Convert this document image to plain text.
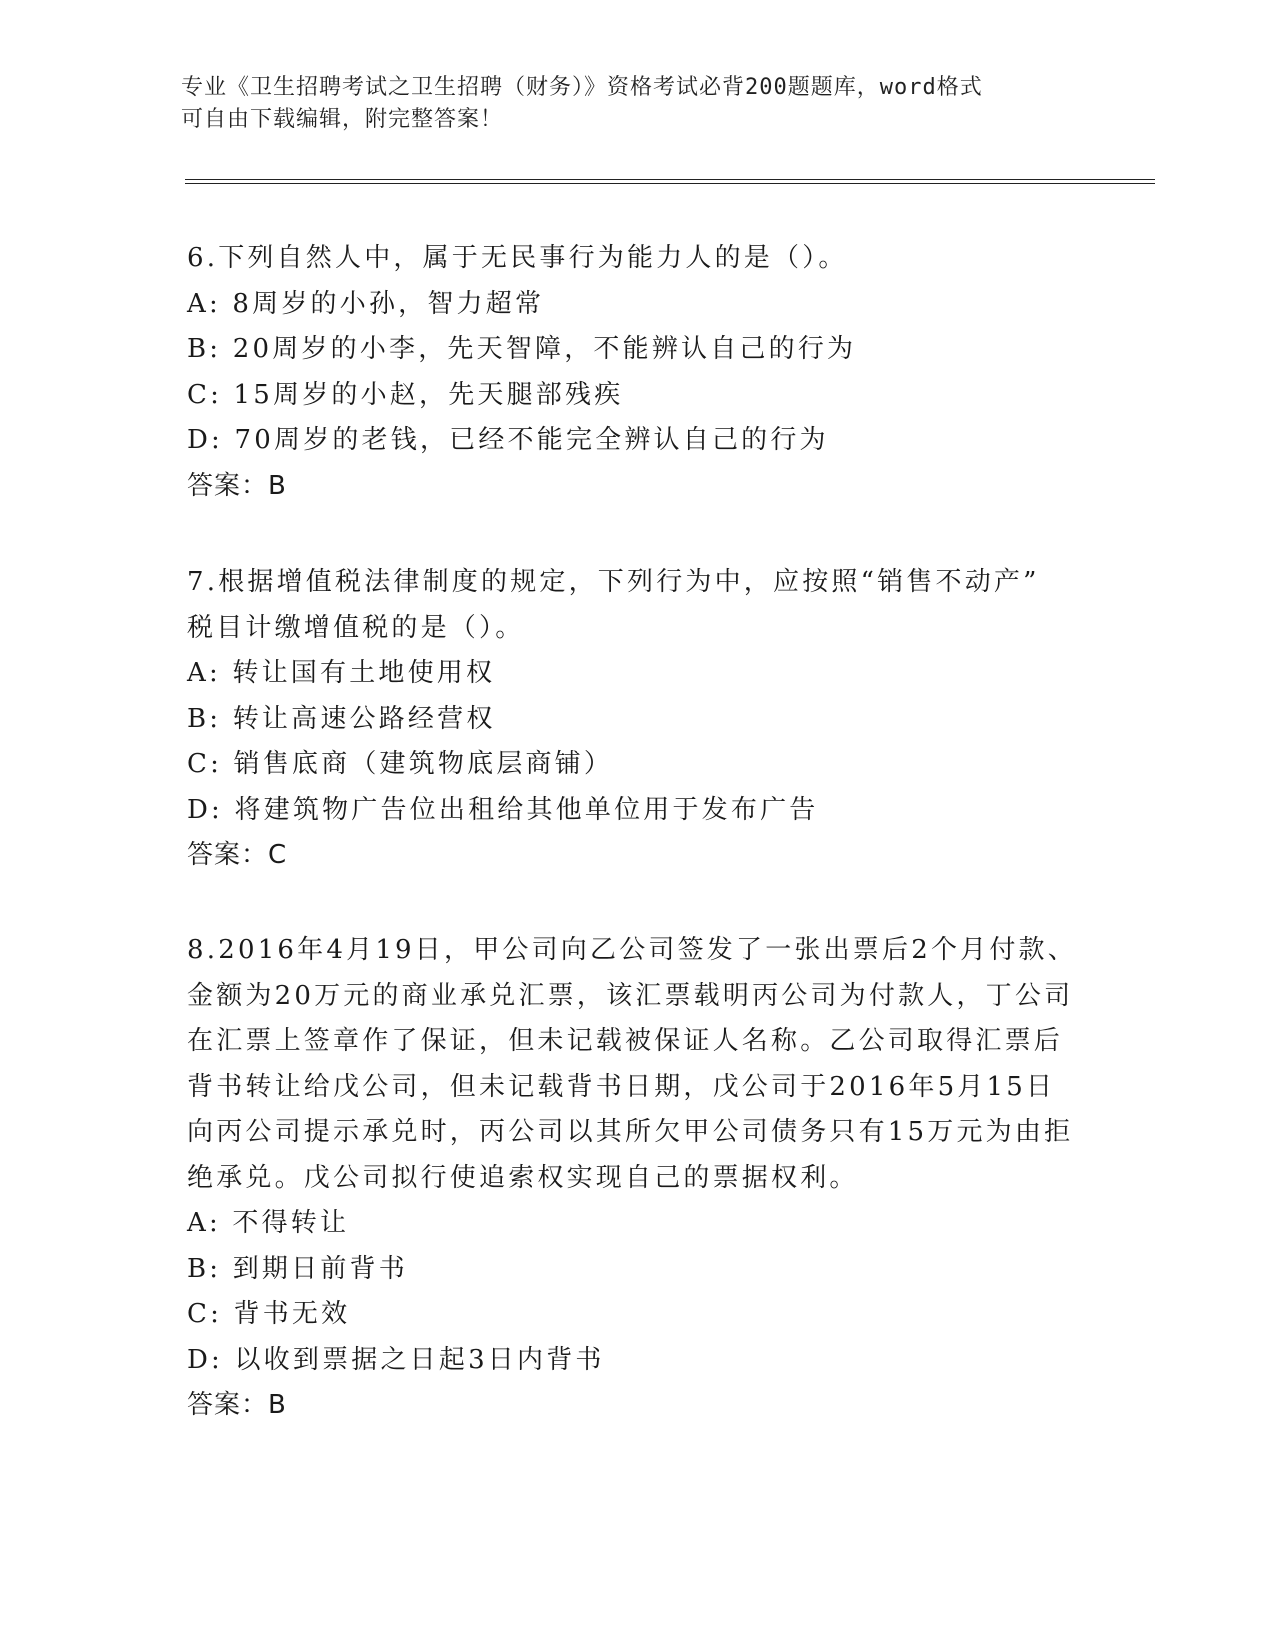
专业《卫生招聘考试之卫生招聘（财务）》资格考试必背200题题库，word格式
可自由下载编辑，附完整答案！
6.下列自然人中，属于无民事行为能力人的是（）。
A: 8周岁的小孙，智力超常
B: 20周岁的小李，先天智障，不能辨认自己的行为
C: 15周岁的小赵，先天腿部残疾
D: 70周岁的老钱，已经不能完全辨认自己的行为
答案：B
7.根据增值税法律制度的规定，下列行为中，应按照“销售不动产”
税目计缴增值税的是（）。
A: 转让国有土地使用权
B: 转让高速公路经营权
C: 销售底商（建筑物底层商铺）
D: 将建筑物广告位出租给其他单位用于发布广告
答案：C
8.2016年4月19日，甲公司向乙公司签发了一张出票后2个月付款、
金额为20万元的商业承兑汇票，该汇票载明丙公司为付款人，丁公司
在汇票上签章作了保证，但未记载被保证人名称。乙公司取得汇票后
背书转让给戊公司，但未记载背书日期，戊公司于2016年5月15日
向丙公司提示承兑时，丙公司以其所欠甲公司债务只有15万元为由拒
绝承兑。戊公司拟行使追索权实现自己的票据权利。
A: 不得转让
B: 到期日前背书
C: 背书无效
D: 以收到票据之日起3日内背书
答案：B
